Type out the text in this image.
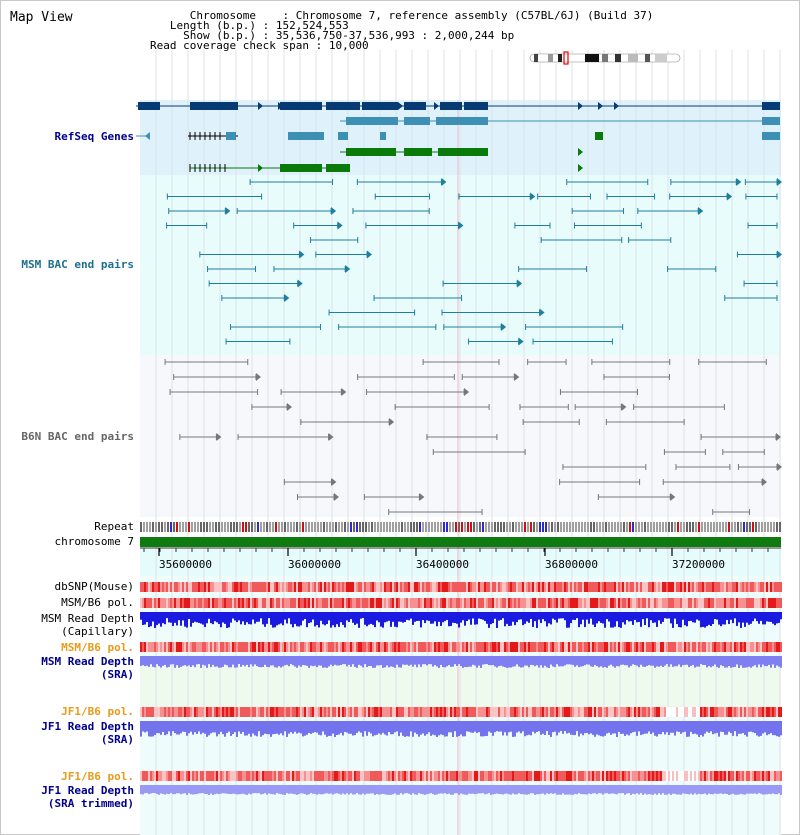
Map View	Chromosome    : Chromosome 7, reference assembly (C57BL/6J) (Build 37)
Length (b.p.) : 152,524,553
Show (b.p.) : 35,536,750-37,536,993 : 2,000,244 bp
Read coverage check span : 10,000
RefSeq Genes
MSM BAC end pairs
B6N BAC end pairs
Repeat
chromosome 7
35600000	36000000	36400000	36800000	37200000
dbSNP(Mouse)
MSM/B6 pol.
MSM Read Depth
(Capillary)
MSM/B6 pol.
MSM Read Depth
(SRA)
JF1/B6 pol.
JF1 Read Depth
(SRA)
JF1/B6 pol.
JF1 Read Depth
(SRA trimmed)
